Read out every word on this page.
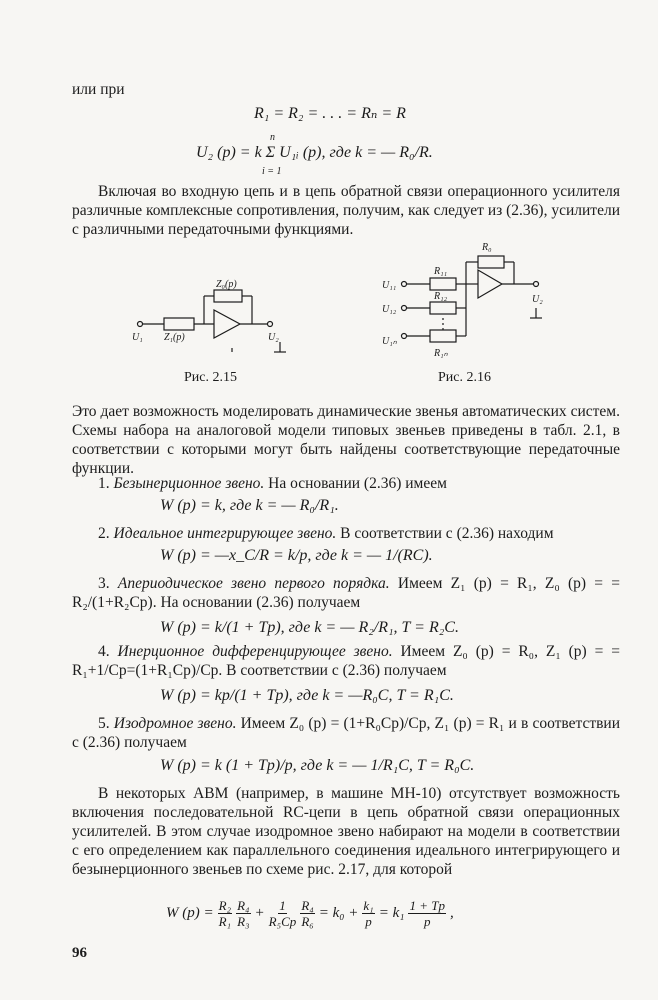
или при
R₁ = R₂ = . . . = Rₙ = R
n
U₂ (p) = k Σ U₁ᵢ (p), где k = — R₀/R.
i = 1
Включая во входную цепь и в цепь обратной связи операционного усилителя различные комплексные сопротивления, получим, как следует из (2.36), усилители с различными передаточными функциями.
Z₀(p)
Z₁(p)
U₁	U₂
Рис. 2.15
R₀
R₁₁
R₁₂
R₁ₙ
U₁₁
U₁₂
U₁ₙ
U₂
Рис. 2.16
Это дает возможность моделировать динамические звенья автоматических систем. Схемы набора на аналоговой модели типовых звеньев приведены в табл. 2.1, в соответствии с которыми могут быть найдены соответствующие передаточные функции.
1. Безынерционное звено. На основании (2.36) имеем
W (p) = k, где k = — R₀/R₁.
2. Идеальное интегрирующее звено. В соответствии с (2.36) находим
W (p) = —x_C/R = k/p, где k = — 1/(RC).
3. Апериодическое звено первого порядка. Имеем Z₁ (p) = R₁, Z₀ (p) = = R₂/(1+R₂Cp). На основании (2.36) получаем
W (p) = k/(1 + Tp), где k = — R₂/R₁, T = R₂C.
4. Инерционное дифференцирующее звено. Имеем Z₀ (p) = R₀, Z₁ (p) = = R₁+1/Cp=(1+R₁Cp)/Cp. В соответствии с (2.36) получаем
W (p) = kp/(1 + Tp), где k = —R₀C, T = R₁C.
5. Изодромное звено. Имеем Z₀ (p) = (1+R₀Cp)/Cp, Z₁ (p) = R₁ и в соответствии с (2.36) получаем
W (p) = k (1 + Tp)/p, где k = — 1/R₁C, T = R₀C.
В некоторых АВМ (например, в машине МН-10) отсутствует возможность включения последовательной RC-цепи в цепь обратной связи операционных усилителей. В этом случае изодромное звено набирают на модели в соответствии с его определением как параллельного соединения идеального интегрирующего и безынерционного звеньев по схеме рис. 2.17, для которой
W $(p) = \frac{\text{R₂}}{\text{R₁}} \frac{\text{R₄}}{\text{R₃}} + \frac{1}{\text{R₅Cp}} \frac{\text{R₄}}{\text{R₆}} = k_0 + \frac{\text{k₁}}{p} = k_1 \frac{1 + Tp}{p}$ ,
96
